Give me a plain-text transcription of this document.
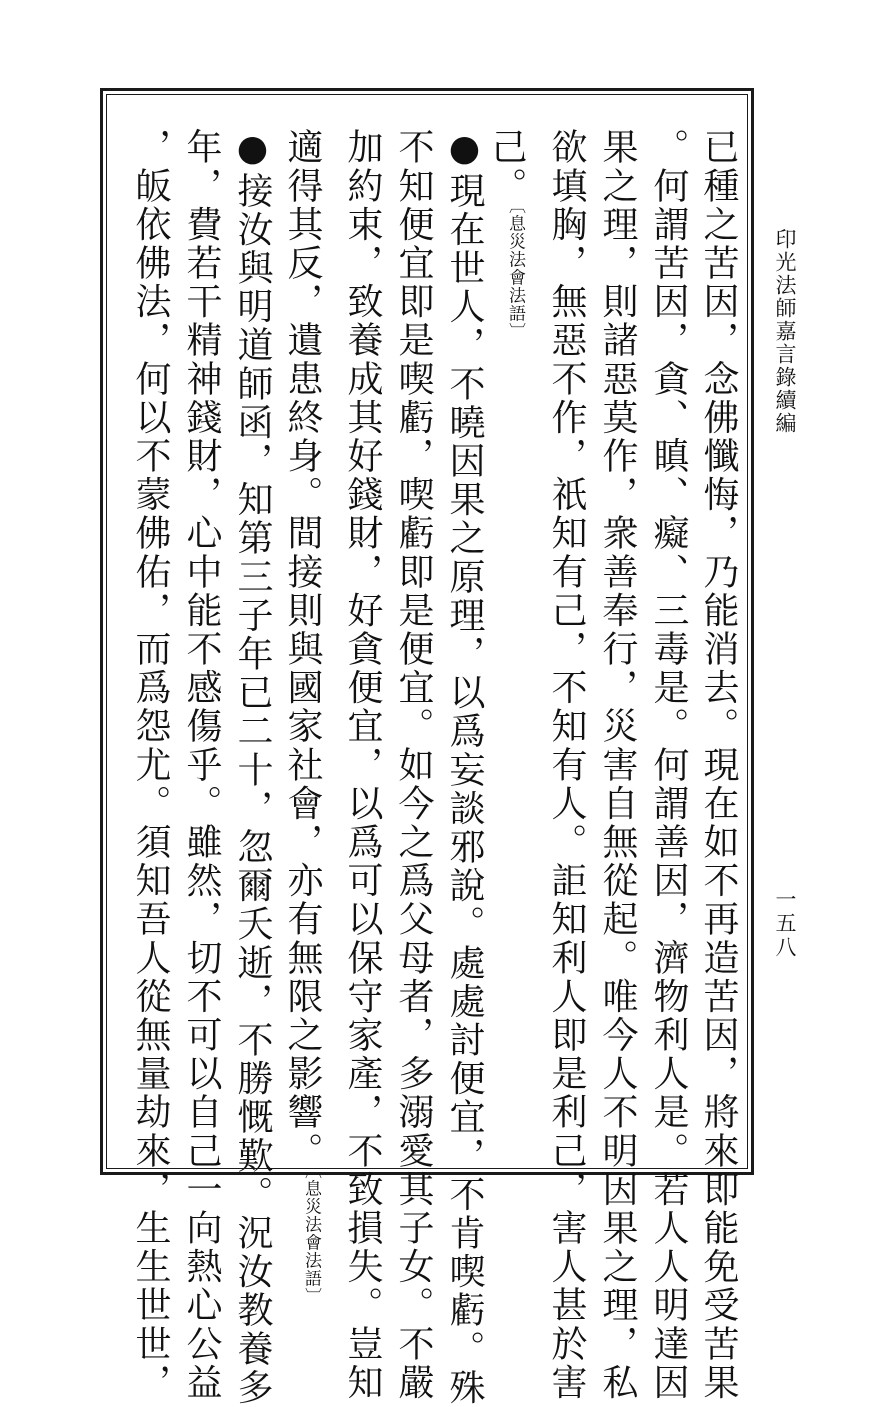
已種之苦因，念佛懺悔，乃能消去。現在如不再造苦因，將來即能免受苦果
。何謂苦因，貪、瞋、癡、三毒是。何謂善因，濟物利人是。若人人明達因
果之理，則諸惡莫作，衆善奉行，災害自無從起。唯今人不明因果之理，私
欲填胸，無惡不作，祇知有己，不知有人。詎知利人即是利己，害人甚於害
己。〔息災法會法語〕
●現在世人，不曉因果之原理，以爲妄談邪說。處處討便宜，不肯喫虧。殊
不知便宜即是喫虧，喫虧即是便宜。如今之爲父母者，多溺愛其子女。不嚴
加約束，致養成其好錢財，好貪便宜，以爲可以保守家產，不致損失。豈知
適得其反，遺患終身。間接則與國家社會，亦有無限之影響。〔息災法會法語〕
●接汝與明道師函，知第三子年已二十，忽爾夭逝，不勝慨歎。況汝教養多
年，費若干精神錢財，心中能不感傷乎。雖然，切不可以自己一向熱心公益
，皈依佛法，何以不蒙佛佑，而爲怨尤。須知吾人從無量劫來，生生世世，	印光法師嘉言錄續編
一五八
